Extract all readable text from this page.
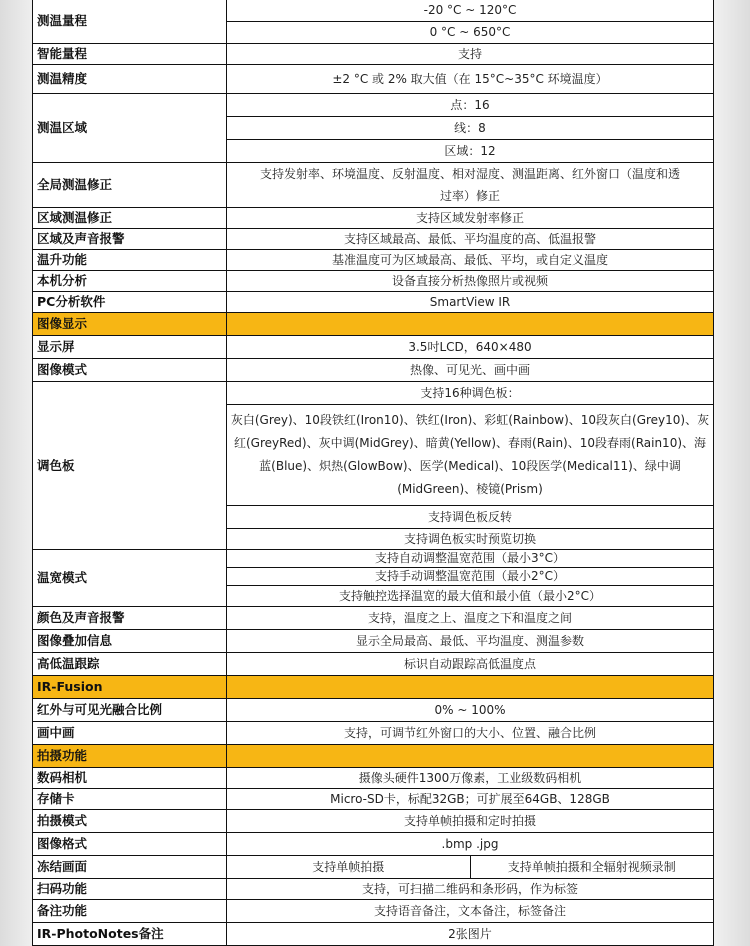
测温量程	-20 °C ~ 120°C	
	0 °C ~ 650°C	
智能量程	支持	
测温精度	±2 °C 或 2% 取大值（在 15°C~35°C 环境温度）	
测温区域	点：16	
	线：8	
	区域：12	
全局测温修正	支持发射率、环境温度、反射温度、相对湿度、测温距离、红外窗口（温度和透过率）修正	
区域测温修正	支持区域发射率修正	
区域及声音报警	支持区域最高、最低、平均温度的高、低温报警	
温升功能	基准温度可为区域最高、最低、平均，或自定义温度	
本机分析	设备直接分析热像照片或视频	
PC分析软件	SmartView IR	
图像显示		
显示屏	3.5吋LCD，640×480	
图像模式	热像、可见光、画中画	
调色板	支持16种调色板：	
	灰白(Grey)、10段铁红(Iron10)、铁红(Iron)、彩虹(Rainbow)、10段灰白(Grey10)、灰红(GreyRed)、灰中调(MidGrey)、暗黄(Yellow)、春雨(Rain)、10段春雨(Rain10)、海蓝(Blue)、炽热(GlowBow)、医学(Medical)、10段医学(Medical11)、绿中调(MidGreen)、棱镜(Prism)	
	支持调色板反转	
	支持调色板实时预览切换	
温宽模式	支持自动调整温宽范围（最小3°C）	
	支持手动调整温宽范围（最小2°C）	
	支持触控选择温宽的最大值和最小值（最小2°C）	
颜色及声音报警	支持，温度之上、温度之下和温度之间	
图像叠加信息	显示全局最高、最低、平均温度、测温参数	
高低温跟踪	标识自动跟踪高低温度点	
IR-Fusion		
红外与可见光融合比例	0% ~ 100%	
画中画	支持，可调节红外窗口的大小、位置、融合比例	
拍摄功能		
数码相机	摄像头硬件1300万像素，工业级数码相机	
存储卡	Micro-SD卡，标配32GB；可扩展至64GB、128GB	
拍摄模式	支持单帧拍摄和定时拍摄	
图像格式	.bmp .jpg	
冻结画面	支持单帧拍摄	支持单帧拍摄和全辐射视频录制
扫码功能	支持，可扫描二维码和条形码，作为标签	
备注功能	支持语音备注，文本备注，标签备注	
IR-PhotoNotes备注	2张图片	
